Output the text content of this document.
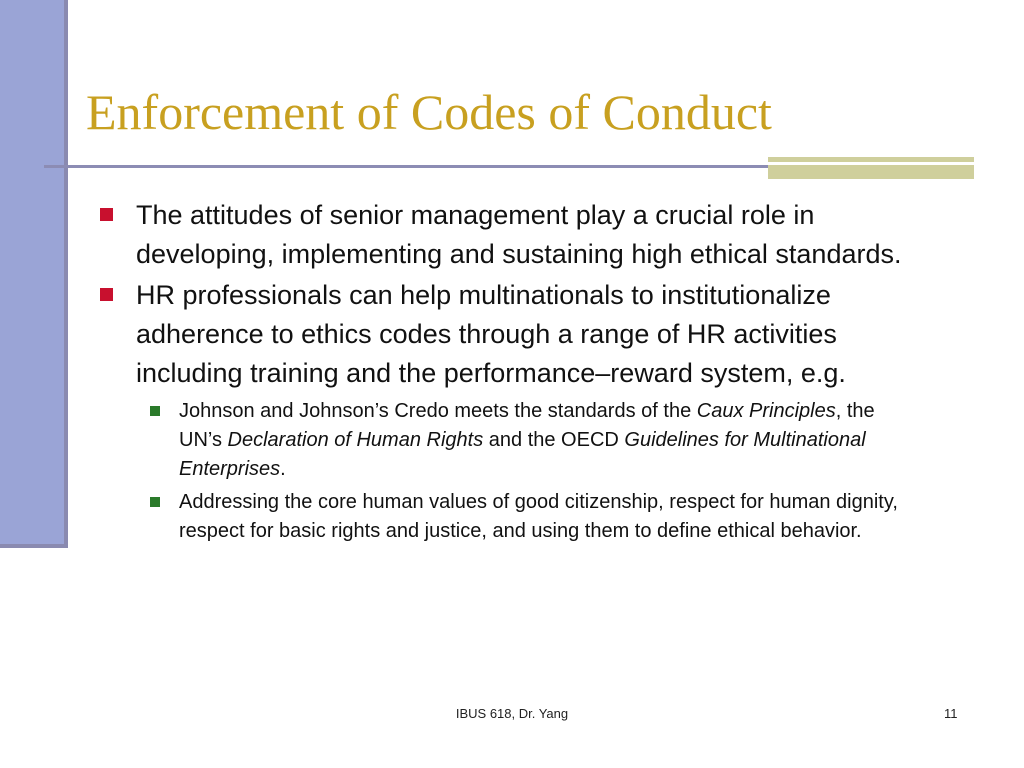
Enforcement of Codes of Conduct
The attitudes of senior management play a crucial role in developing, implementing and sustaining high ethical standards.
HR professionals can help multinationals to institutionalize adherence to ethics codes through a range of HR activities including training and the performance–reward system, e.g.
Johnson and Johnson’s Credo meets the standards of the Caux Principles, the UN’s Declaration of Human Rights and the OECD Guidelines for Multinational Enterprises.
Addressing the core human values of good citizenship, respect for human dignity, respect for basic rights and justice, and using them to define ethical behavior.
IBUS 618, Dr. Yang	11
